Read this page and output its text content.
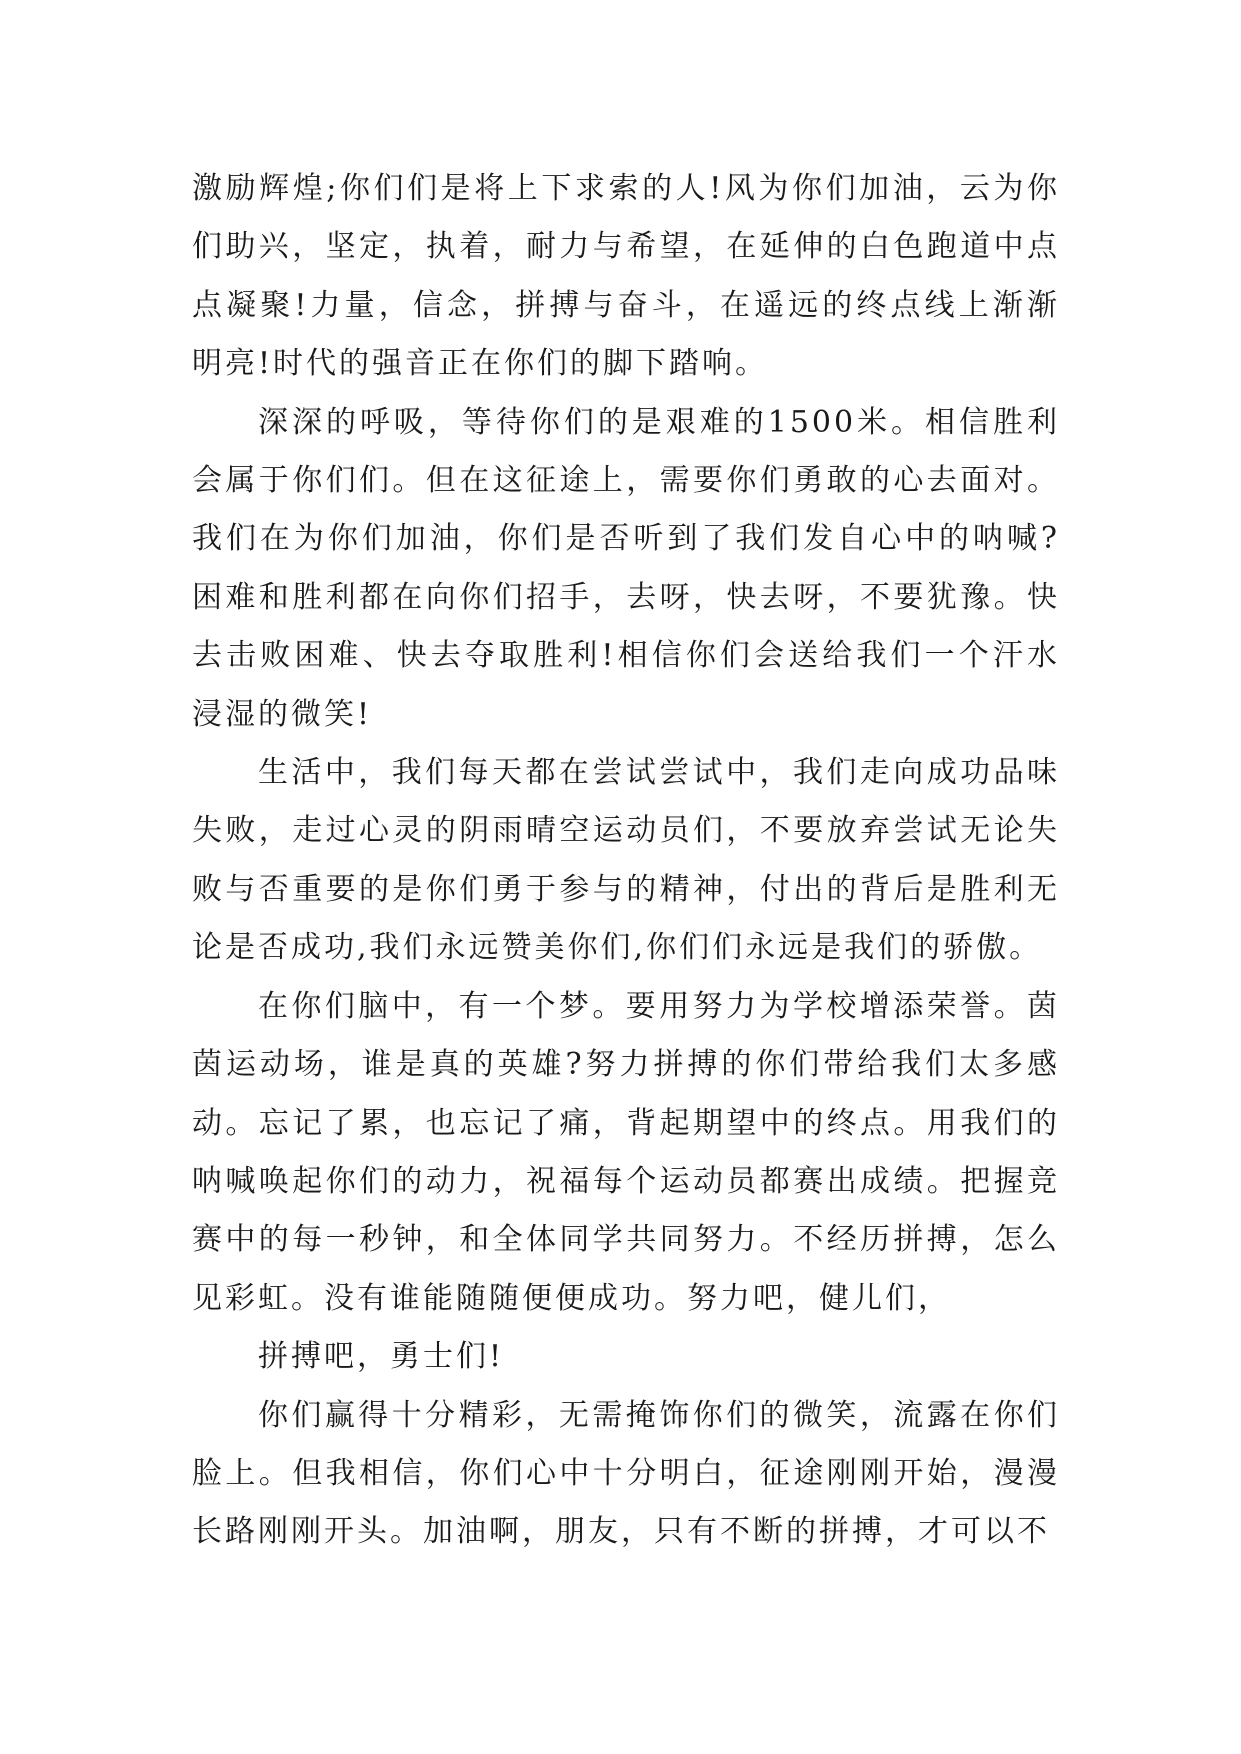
激励辉煌;你们们是将上下求索的人!风为你们加油，云为你们助兴，坚定，执着，耐力与希望，在延伸的白色跑道中点点凝聚!力量，信念，拼搏与奋斗，在遥远的终点线上渐渐明亮!时代的强音正在你们的脚下踏响。

深深的呼吸，等待你们的是艰难的1500米。相信胜利会属于你们们。但在这征途上，需要你们勇敢的心去面对。我们在为你们加油，你们是否听到了我们发自心中的呐喊?困难和胜利都在向你们招手，去呀，快去呀，不要犹豫。快去击败困难、快去夺取胜利!相信你们会送给我们一个汗水浸湿的微笑!

生活中，我们每天都在尝试尝试中，我们走向成功品味失败，走过心灵的阴雨晴空运动员们，不要放弃尝试无论失败与否重要的是你们勇于参与的精神，付出的背后是胜利无论是否成功,我们永远赞美你们,你们们永远是我们的骄傲。

在你们脑中，有一个梦。要用努力为学校增添荣誉。茵茵运动场，谁是真的英雄?努力拼搏的你们带给我们太多感动。忘记了累，也忘记了痛，背起期望中的终点。用我们的呐喊唤起你们的动力，祝福每个运动员都赛出成绩。把握竞赛中的每一秒钟，和全体同学共同努力。不经历拼搏，怎么见彩虹。没有谁能随随便便成功。努力吧，健儿们，

拼搏吧，勇士们!

你们赢得十分精彩，无需掩饰你们的微笑，流露在你们脸上。但我相信，你们心中十分明白，征途刚刚开始，漫漫长路刚刚开头。加油啊，朋友，只有不断的拼搏，才可以不
